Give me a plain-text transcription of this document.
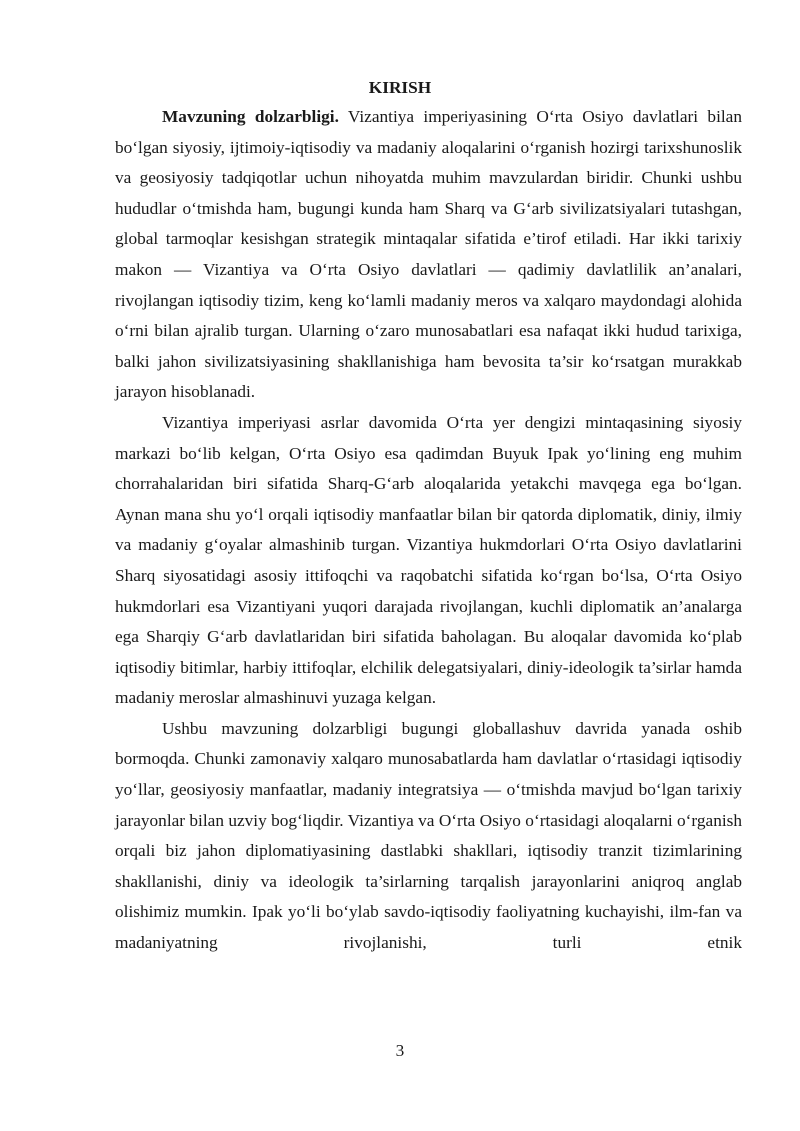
KIRISH

Mavzuning dolzarbligi. Vizantiya imperiyasining O‘rta Osiyo davlatlari bilan bo‘lgan siyosiy, ijtimoiy-iqtisodiy va madaniy aloqalarini o‘rganish hozirgi tarixshunoslik va geosiyosiy tadqiqotlar uchun nihoyatda muhim mavzulardan biridir. Chunki ushbu hududlar o‘tmishda ham, bugungi kunda ham Sharq va G‘arb sivilizatsiyalari tutashgan, global tarmoqlar kesishgan strategik mintaqalar sifatida e’tirof etiladi. Har ikki tarixiy makon — Vizantiya va O‘rta Osiyo davlatlari — qadimiy davlatlilik an’analari, rivojlangan iqtisodiy tizim, keng ko‘lamli madaniy meros va xalqaro maydondagi alohida o‘rni bilan ajralib turgan. Ularning o‘zaro munosabatlari esa nafaqat ikki hudud tarixiga, balki jahon sivilizatsiyasining shakllanishiga ham bevosita ta’sir ko‘rsatgan murakkab jarayon hisoblanadi.

Vizantiya imperiyasi asrlar davomida O‘rta yer dengizi mintaqasining siyosiy markazi bo‘lib kelgan, O‘rta Osiyo esa qadimdan Buyuk Ipak yo‘lining eng muhim chorrahalaridan biri sifatida Sharq-G‘arb aloqalarida yetakchi mavqega ega bo‘lgan. Aynan mana shu yo‘l orqali iqtisodiy manfaatlar bilan bir qatorda diplomatik, diniy, ilmiy va madaniy g‘oyalar almashinib turgan. Vizantiya hukmdorlari O‘rta Osiyo davlatlarini Sharq siyosatidagi asosiy ittifoqchi va raqobatchi sifatida ko‘rgan bo‘lsa, O‘rta Osiyo hukmdorlari esa Vizantiyani yuqori darajada rivojlangan, kuchli diplomatik an’analarga ega Sharqiy G‘arb davlatlaridan biri sifatida baholagan. Bu aloqalar davomida ko‘plab iqtisodiy bitimlar, harbiy ittifoqlar, elchilik delegatsiyalari, diniy-ideologik ta’sirlar hamda madaniy meroslar almashinuvi yuzaga kelgan.

Ushbu mavzuning dolzarbligi bugungi globallashuv davrida yanada oshib bormoqda. Chunki zamonaviy xalqaro munosabatlarda ham davlatlar o‘rtasidagi iqtisodiy yo‘llar, geosiyosiy manfaatlar, madaniy integratsiya — o‘tmishda mavjud bo‘lgan tarixiy jarayonlar bilan uzviy bog‘liqdir. Vizantiya va O‘rta Osiyo o‘rtasidagi aloqalarni o‘rganish orqali biz jahon diplomatiyasining dastlabki shakllari, iqtisodiy tranzit tizimlarining shakllanishi, diniy va ideologik ta’sirlarning tarqalish jarayonlarini aniqroq anglab olishimiz mumkin. Ipak yo‘li bo‘ylab savdo-iqtisodiy faoliyatning kuchayishi, ilm-fan va madaniyatning rivojlanishi, turli etnik

3
